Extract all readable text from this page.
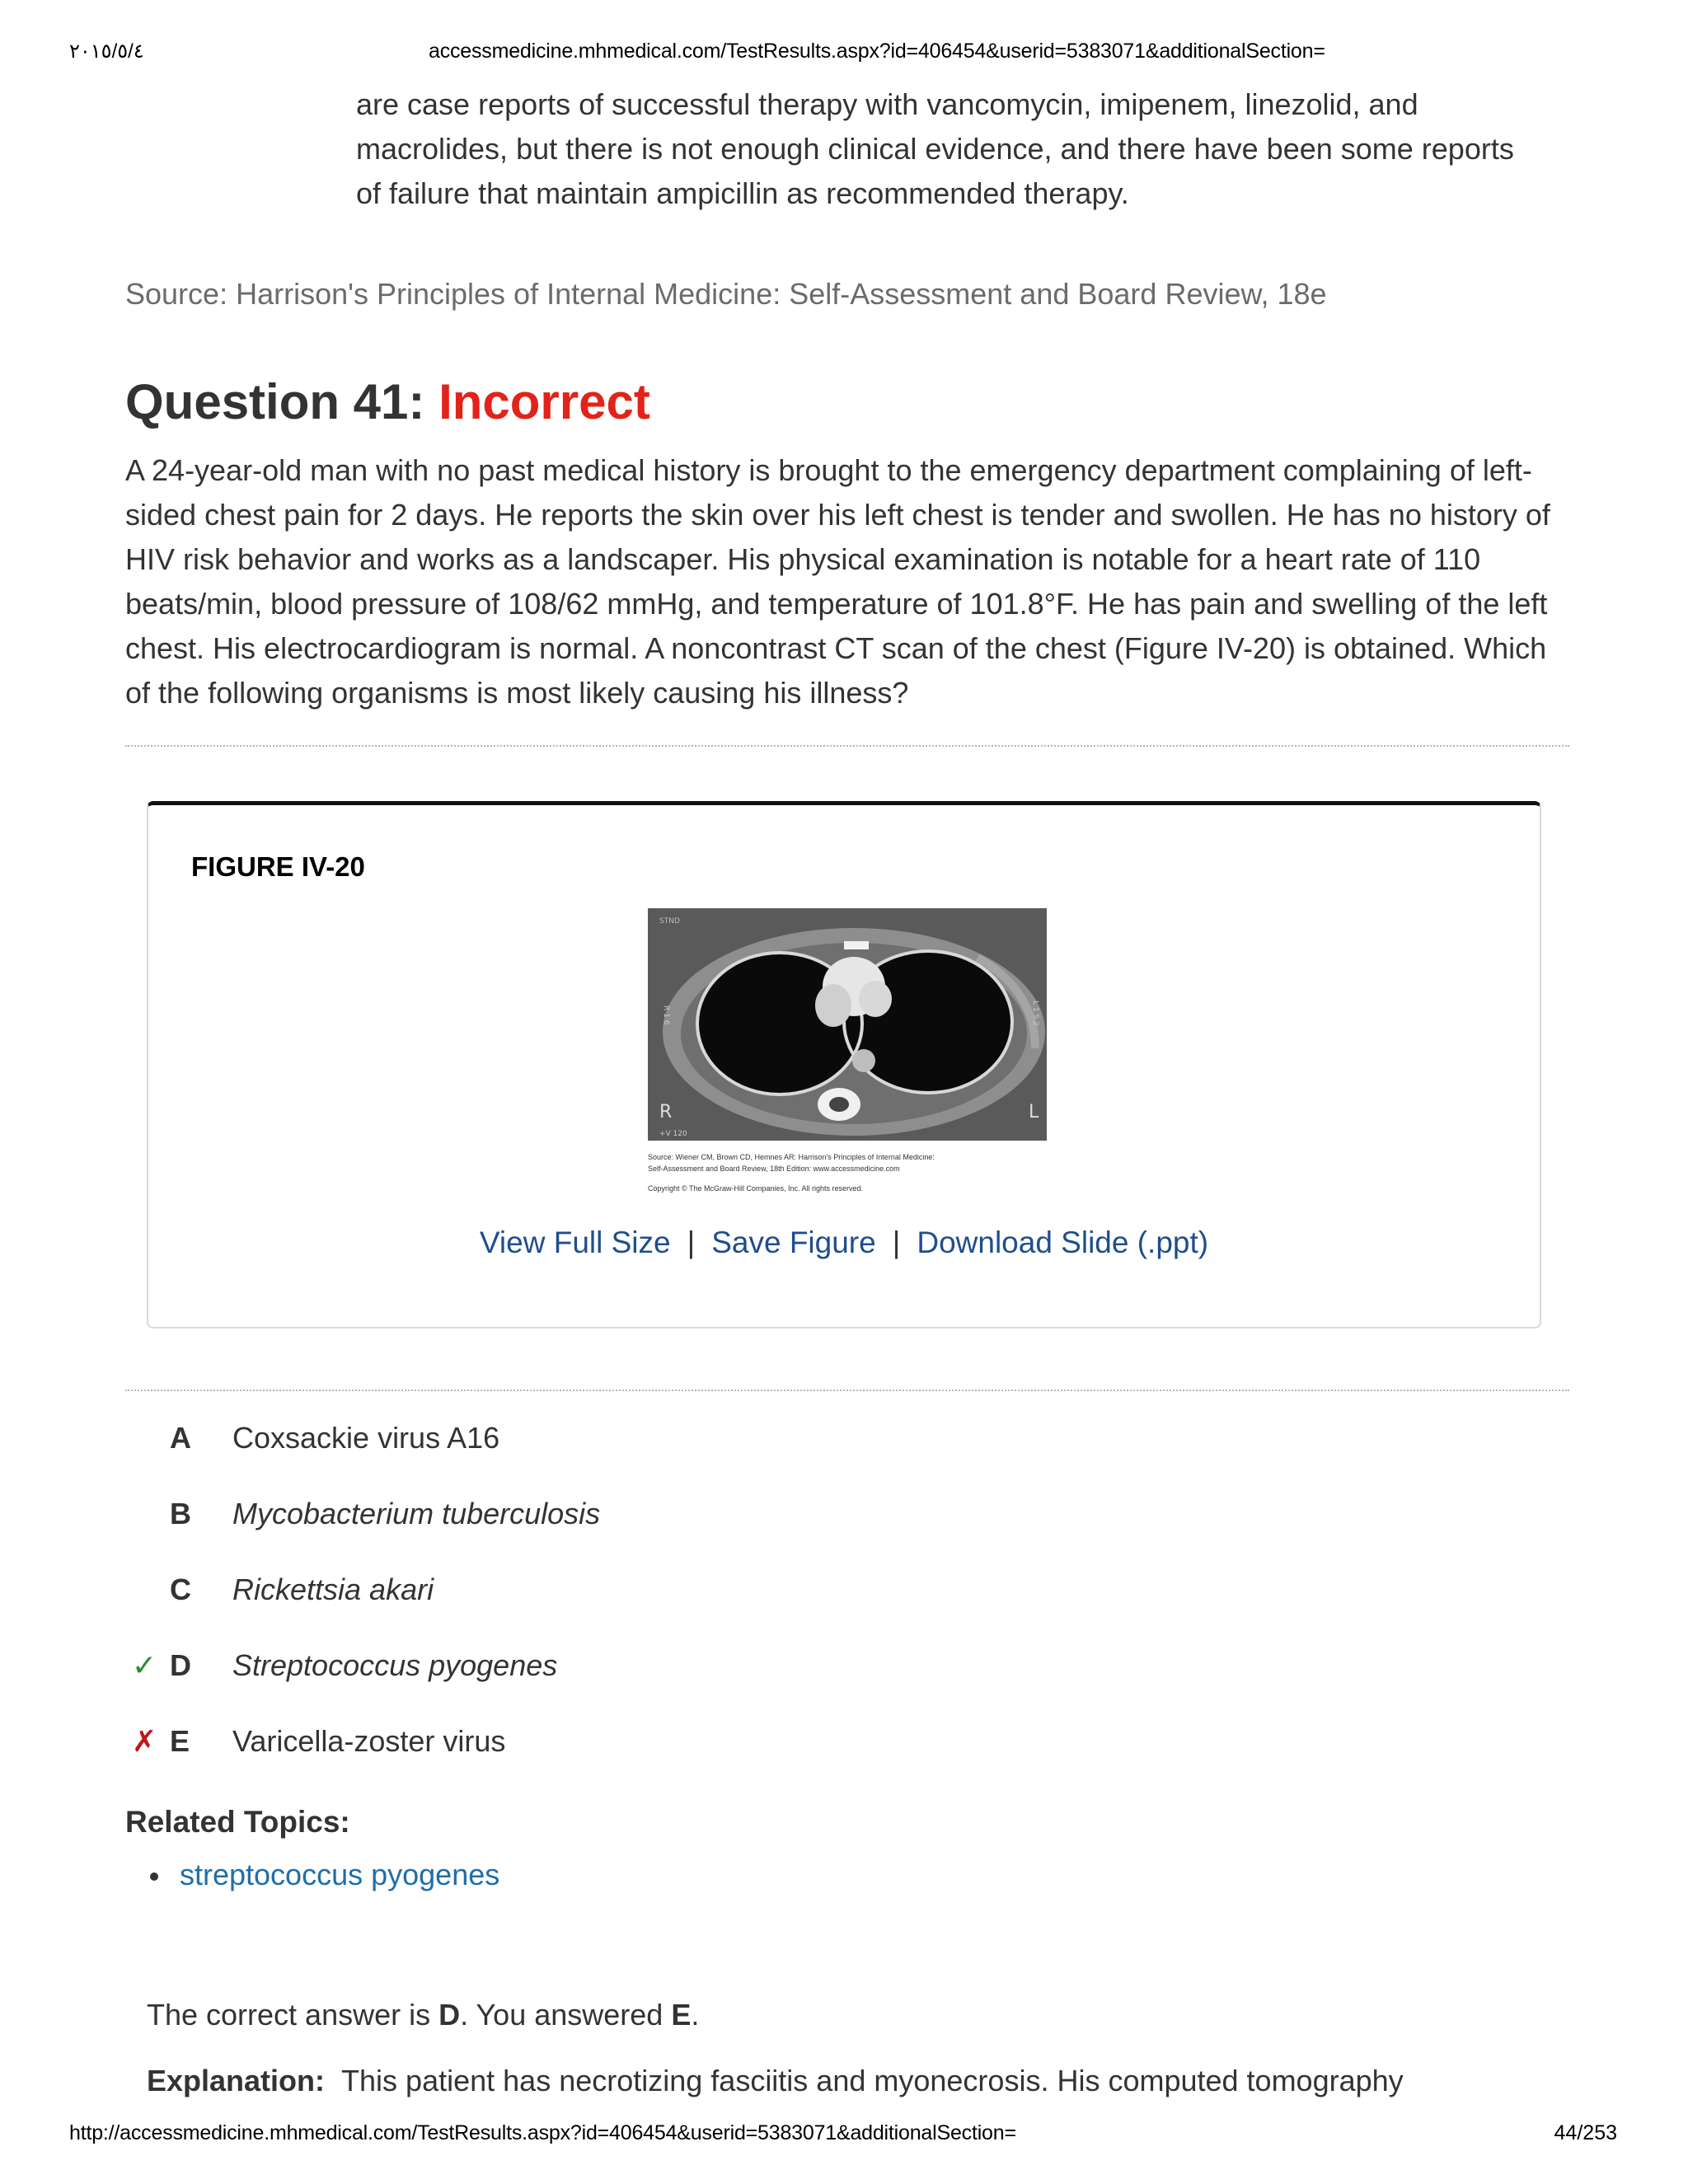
٢٠١٥/٥/٤	accessmedicine.mhmedical.com/TestResults.aspx?id=406454&userid=5383071&additionalSection=
are case reports of successful therapy with vancomycin, imipenem, linezolid, and macrolides, but there is not enough clinical evidence, and there have been some reports of failure that maintain ampicillin as recommended therapy.
Source: Harrison's Principles of Internal Medicine: Self-Assessment and Board Review, 18e
Question 41: Incorrect
A 24-year-old man with no past medical history is brought to the emergency department complaining of left-sided chest pain for 2 days. He reports the skin over his left chest is tender and swollen. He has no history of HIV risk behavior and works as a landscaper. His physical examination is notable for a heart rate of 110 beats/min, blood pressure of 108/62 mmHg, and temperature of 101.8°F. He has pain and swelling of the left chest. His electrocardiogram is normal. A noncontrast CT scan of the chest (Figure IV-20) is obtained. Which of the following organisms is most likely causing his illness?
FIGURE IV-20
STND
R	L
+V 120
R 1 6	L 1 5 2
Source: Wiener CM, Brown CD, Hemnes AR: Harrison's Principles of Internal Medicine:
Self-Assessment and Board Review, 18th Edition: www.accessmedicine.com
Copyright © The McGraw-Hill Companies, Inc. All rights reserved.
View Full Size | Save Figure | Download Slide (.ppt)
A Coxsackie virus A16
B Mycobacterium tuberculosis
C Rickettsia akari
✓ D Streptococcus pyogenes
✗ E Varicella-zoster virus
Related Topics:
streptococcus pyogenes
The correct answer is D. You answered E.
Explanation: This patient has necrotizing fasciitis and myonecrosis. His computed tomography
http://accessmedicine.mhmedical.com/TestResults.aspx?id=406454&userid=5383071&additionalSection=	44/253
